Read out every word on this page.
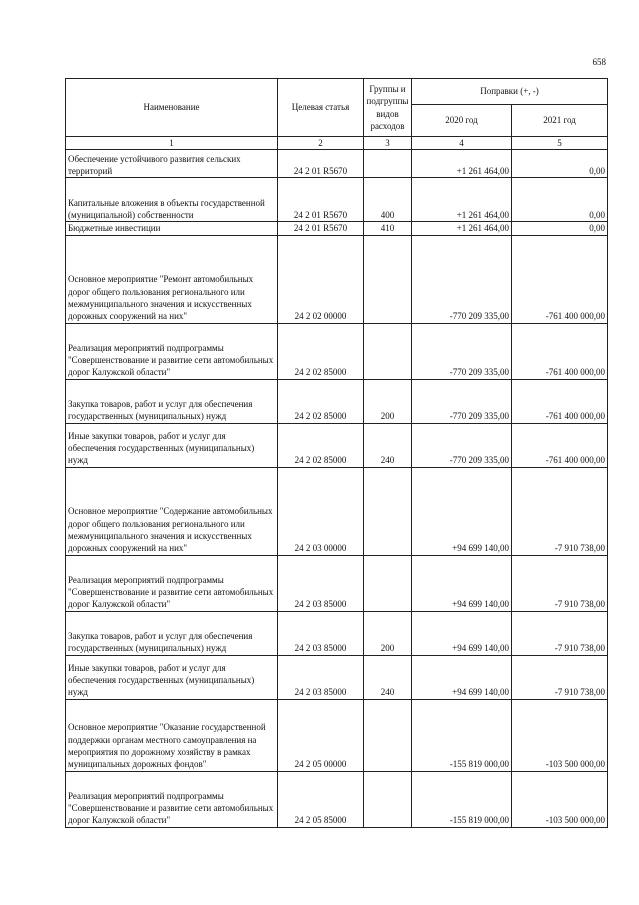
658
Наименование	Целевая статья	Группы и подгруппы видов расходов	Поправки (+, -)	
			2020 год	2021 год
1	2	3	4	5
Обеспечение устойчивого развития сельских территорий	24 2 01 R5670		+1 261 464,00	0,00
Капитальные вложения в объекты государственной (муниципальной) собственности	24 2 01 R5670	400	+1 261 464,00	0,00
Бюджетные инвестиции	24 2 01 R5670	410	+1 261 464,00	0,00
Основное мероприятие "Ремонт автомобильных дорог общего пользования регионального или межмуниципального значения и искусственных дорожных сооружений на них"	24 2 02 00000		-770 209 335,00	-761 400 000,00
Реализация мероприятий подпрограммы "Совершенствование и развитие сети автомобильных дорог Калужской области"	24 2 02 85000		-770 209 335,00	-761 400 000,00
Закупка товаров, работ и услуг для обеспечения государственных (муниципальных) нужд	24 2 02 85000	200	-770 209 335,00	-761 400 000,00
Иные закупки товаров, работ и услуг для обеспечения государственных (муниципальных) нужд	24 2 02 85000	240	-770 209 335,00	-761 400 000,00
Основное мероприятие "Содержание автомобильных дорог общего пользования регионального или межмуниципального значения и искусственных дорожных сооружений на них"	24 2 03 00000		+94 699 140,00	-7 910 738,00
Реализация мероприятий подпрограммы "Совершенствование и развитие сети автомобильных дорог Калужской области"	24 2 03 85000		+94 699 140,00	-7 910 738,00
Закупка товаров, работ и услуг для обеспечения государственных (муниципальных) нужд	24 2 03 85000	200	+94 699 140,00	-7 910 738,00
Иные закупки товаров, работ и услуг для обеспечения государственных (муниципальных) нужд	24 2 03 85000	240	+94 699 140,00	-7 910 738,00
Основное мероприятие "Оказание государственной поддержки органам местного самоуправления на мероприятия по дорожному хозяйству в рамках муниципальных дорожных фондов"	24 2 05 00000		-155 819 000,00	-103 500 000,00
Реализация мероприятий подпрограммы "Совершенствование и развитие сети автомобильных дорог Калужской области"	24 2 05 85000		-155 819 000,00	-103 500 000,00
